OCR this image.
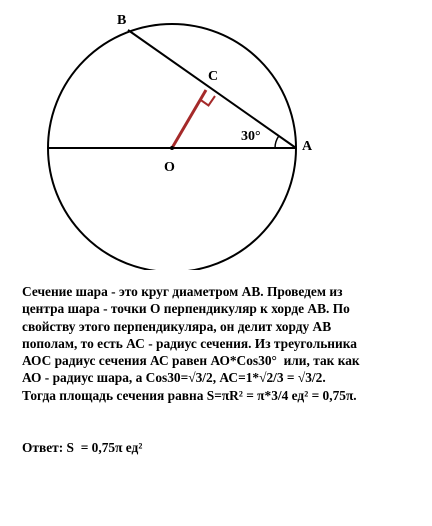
B
C
O
A
30°
Сечение шара - это круг диаметром АВ. Проведем из
центра шара - точки О перпендикуляр к хорде АВ. По
свойству этого перпендикуляра, он делит хорду АВ
пополам, то есть АС - радиус сечения. Из треугольника
АОС радиус сечения АС равен АО*Cos30°  или, так как
АО - радиус шара, а Cos30=√3/2, АС=1*√2/3 = √3/2.
Тогда площадь сечения равна S=πR² = π*3/4 ед² = 0,75π.
Ответ: S  = 0,75π ед²
